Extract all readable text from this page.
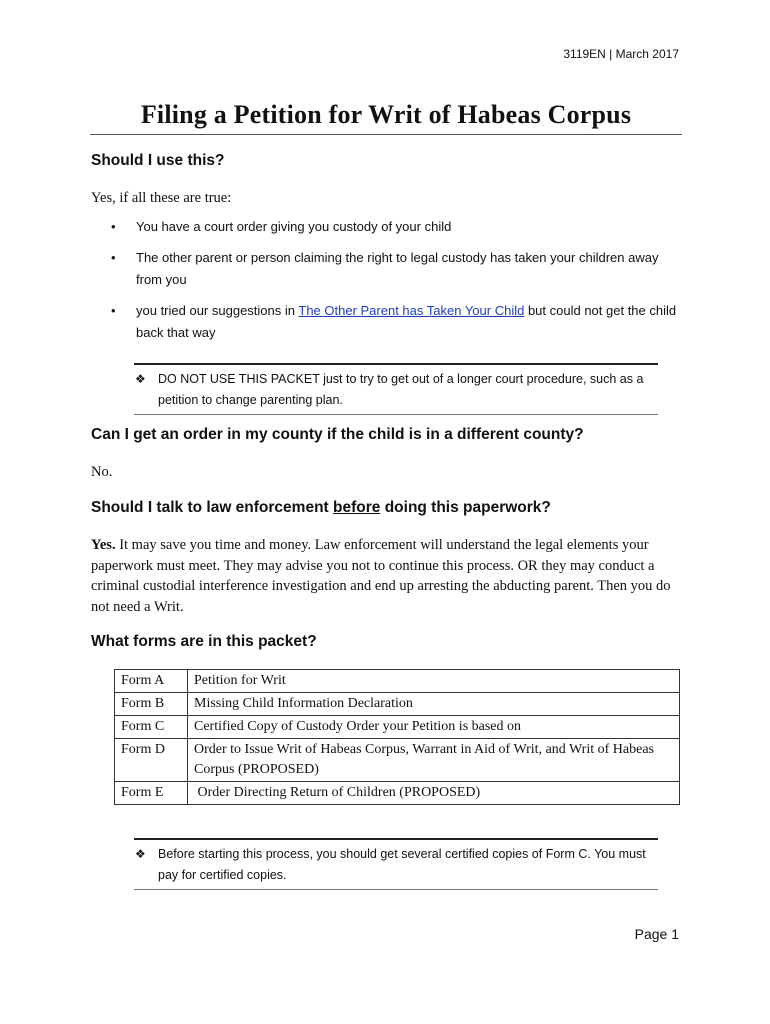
3119EN | March 2017
Filing a Petition for Writ of Habeas Corpus
Should I use this?
Yes, if all these are true:
• You have a court order giving you custody of your child
• The other parent or person claiming the right to legal custody has taken your children away from you
• you tried our suggestions in The Other Parent has Taken Your Child but could not get the child back that way
❖ DO NOT USE THIS PACKET just to try to get out of a longer court procedure, such as a petition to change parenting plan.
Can I get an order in my county if the child is in a different county?
No.
Should I talk to law enforcement before doing this paperwork?
Yes. It may save you time and money. Law enforcement will understand the legal elements your paperwork must meet. They may advise you not to continue this process. OR they may conduct a criminal custodial interference investigation and end up arresting the abducting parent. Then you do not need a Writ.
What forms are in this packet?
Form A	Petition for Writ
Form B	Missing Child Information Declaration
Form C	Certified Copy of Custody Order your Petition is based on
Form D	Order to Issue Writ of Habeas Corpus, Warrant in Aid of Writ, and Writ of Habeas Corpus (PROPOSED)
Form E	Order Directing Return of Children (PROPOSED)
❖ Before starting this process, you should get several certified copies of Form C. You must pay for certified copies.
Page 1
